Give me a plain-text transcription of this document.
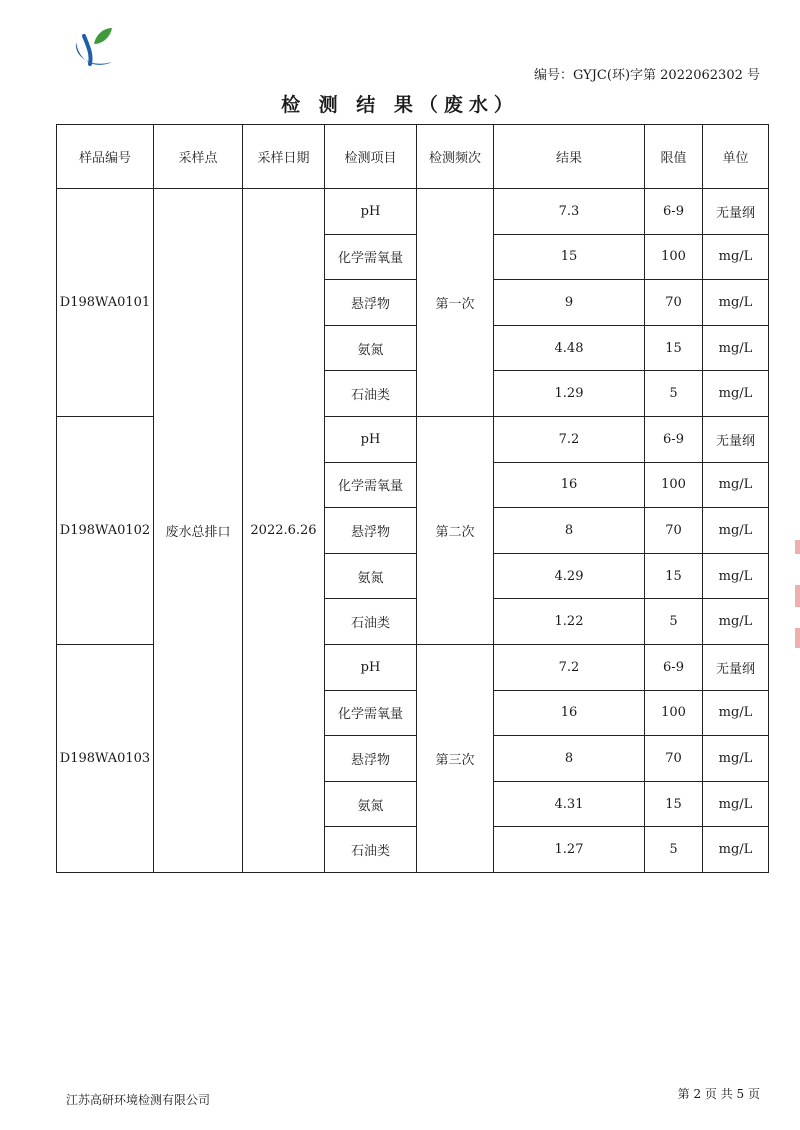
编号：GYJC(环)字第 2022062302 号
检 测 结 果（废水）
样品编号	采样点	采样日期	检测项目	检测频次	结果	限值	单位
D198WA0101	废水总排口	2022.6.26	pH	第一次	7.3	6-9	无量纲
			化学需氧量		15	100	mg/L
			悬浮物		9	70	mg/L
			氨氮		4.48	15	mg/L
			石油类		1.29	5	mg/L
D198WA0102			pH	第二次	7.2	6-9	无量纲
			化学需氧量		16	100	mg/L
			悬浮物		8	70	mg/L
			氨氮		4.29	15	mg/L
			石油类		1.22	5	mg/L
D198WA0103			pH	第三次	7.2	6-9	无量纲
			化学需氧量		16	100	mg/L
			悬浮物		8	70	mg/L
			氨氮		4.31	15	mg/L
			石油类		1.27	5	mg/L
江苏高研环境检测有限公司	第 2 页 共 5 页
